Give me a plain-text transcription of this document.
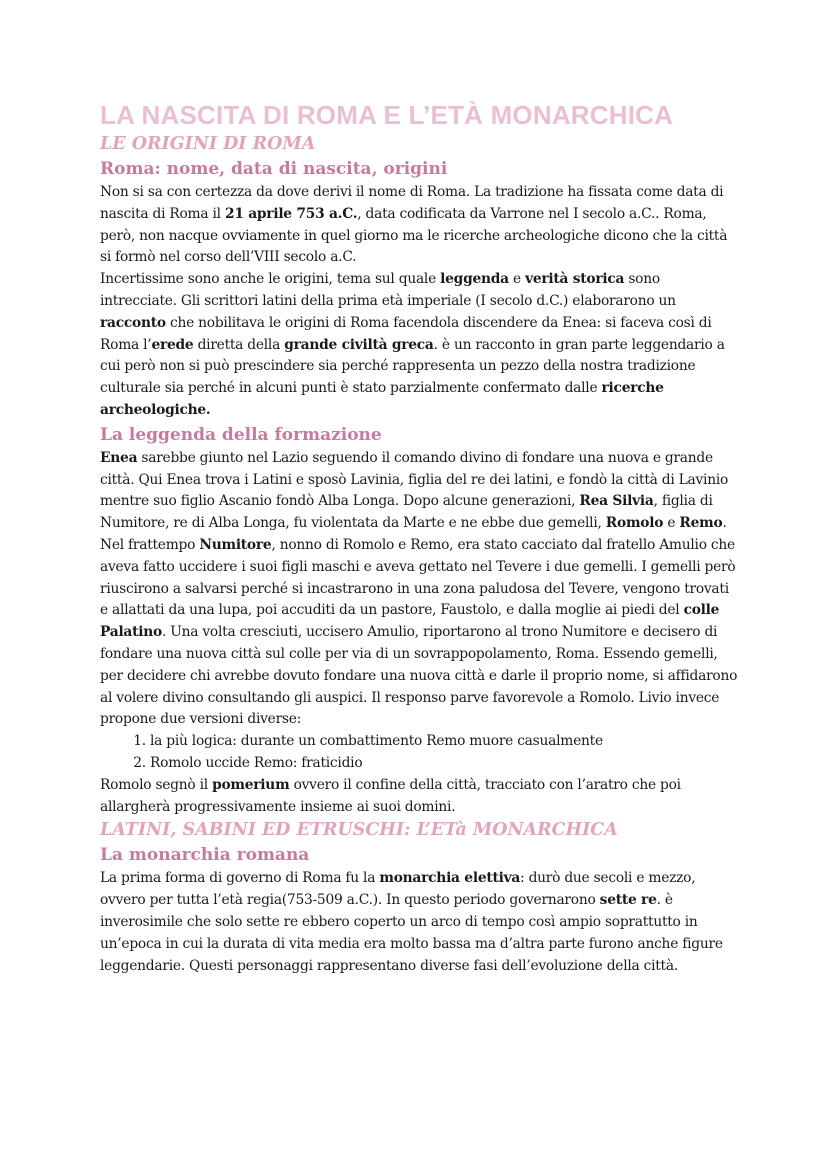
LA NASCITA DI ROMA E L’ETÀ MONARCHICA
LE ORIGINI DI ROMA
Roma: nome, data di nascita, origini

Non si sa con certezza da dove derivi il nome di Roma. La tradizione ha fissata come data di nascita di Roma il 21 aprile 753 a.C., data codificata da Varrone nel I secolo a.C.. Roma, però, non nacque ovviamente in quel giorno ma le ricerche archeologiche dicono che la città si formò nel corso dell’VIII secolo a.C.

Incertissime sono anche le origini, tema sul quale leggenda e verità storica sono intrecciate. Gli scrittori latini della prima età imperiale (I secolo d.C.) elaborarono un racconto che nobilitava le origini di Roma facendola discendere da Enea: si faceva così di Roma l’erede diretta della grande civiltà greca. è un racconto in gran parte leggendario a cui però non si può prescindere sia perché rappresenta un pezzo della nostra tradizione culturale sia perché in alcuni punti è stato parzialmente confermato dalle ricerche archeologiche.

La leggenda della formazione

Enea sarebbe giunto nel Lazio seguendo il comando divino di fondare una nuova e grande città. Qui Enea trova i Latini e sposò Lavinia, figlia del re dei latini, e fondò la città di Lavinio mentre suo figlio Ascanio fondò Alba Longa. Dopo alcune generazioni, Rea Silvia, figlia di Numitore, re di Alba Longa, fu violentata da Marte e ne ebbe due gemelli, Romolo e Remo. Nel frattempo Numitore, nonno di Romolo e Remo, era stato cacciato dal fratello Amulio che aveva fatto uccidere i suoi figli maschi e aveva gettato nel Tevere i due gemelli. I gemelli però riuscirono a salvarsi perché si incastrarono in una zona paludosa del Tevere, vengono trovati e allattati da una lupa, poi accuditi da un pastore, Faustolo, e dalla moglie ai piedi del colle Palatino. Una volta cresciuti, uccisero Amulio, riportarono al trono Numitore e decisero di fondare una nuova città sul colle per via di un sovrappopolamento, Roma. Essendo gemelli, per decidere chi avrebbe dovuto fondare una nuova città e darle il proprio nome, si affidarono al volere divino consultando gli auspici. Il responso parve favorevole a Romolo. Livio invece propone due versioni diverse:

1. la più logica: durante un combattimento Remo muore casualmente
2. Romolo uccide Remo: fraticidio

Romolo segnò il pomerium ovvero il confine della città, tracciato con l’aratro che poi allargherà progressivamente insieme ai suoi domini.

LATINI, SABINI ED ETRUSCHI: L’ETà MONARCHICA
La monarchia romana

La prima forma di governo di Roma fu la monarchia elettiva: durò due secoli e mezzo, ovvero per tutta l’età regia(753-509 a.C.). In questo periodo governarono sette re. è inverosimile che solo sette re ebbero coperto un arco di tempo così ampio soprattutto in un’epoca in cui la durata di vita media era molto bassa ma d’altra parte furono anche figure leggendarie. Questi personaggi rappresentano diverse fasi dell’evoluzione della città.
